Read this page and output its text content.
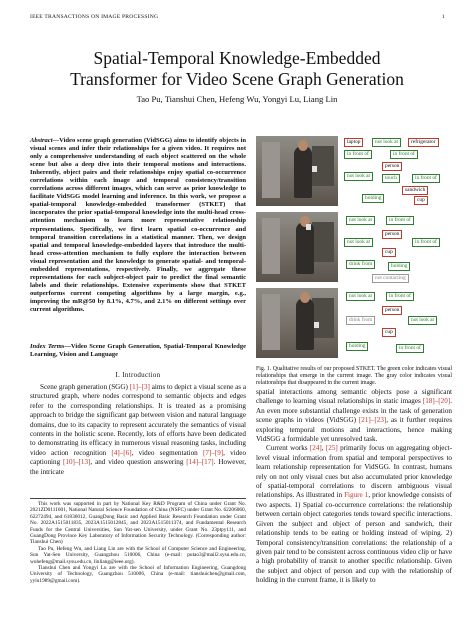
IEEE TRANSACTIONS ON IMAGE PROCESSING	1
Spatial-Temporal Knowledge-Embedded
Transformer for Video Scene Graph Generation
Tao Pu, Tianshui Chen, Hefeng Wu, Yongyi Lu, Liang Lin
Abstract—Video scene graph generation (VidSGG) aims to identify objects in visual scenes and infer their relationships for a given video. It requires not only a comprehensive understanding of each object scattered on the whole scene but also a deep dive into their temporal motions and interactions. Inherently, object pairs and their relationships enjoy spatial co-occurrence correlations within each image and temporal consistency/transition correlations across different images, which can serve as prior knowledge to facilitate VidSGG model learning and inference. In this work, we propose a spatial-temporal knowledge-embedded transformer (STKET) that incorporates the prior spatial-temporal knowledge into the multi-head cross-attention mechanism to learn more representative relationship representations. Specifically, we first learn spatial co-occurrence and temporal transition correlations in a statistical manner. Then, we design spatial and temporal knowledge-embedded layers that introduce the multi-head cross-attention mechanism to fully explore the interaction between visual representation and the knowledge to generate spatial- and temporal-embedded representations, respectively. Finally, we aggregate these representations for each subject-object pair to predict the final semantic labels and their relationships. Extensive experiments show that STKET outperforms current competing algorithms by a large margin, e.g., improving the mR@50 by 8.1%, 4.7%, and 2.1% on different settings over current algorithms.
Index Terms—Video Scene Graph Generation, Spatial-Temporal Knowledge Learning, Vision and Language
I. Introduction

Scene graph generation (SGG) [1]–[3] aims to depict a visual scene as a structured graph, where nodes correspond to semantic objects and edges refer to the corresponding relationships. It is treated as a promising approach to bridge the significant gap between vision and natural language domains, due to its capacity to represent accurately the semantics of visual contents in the holistic scene. Recently, lots of efforts have been dedicated to demonstrating its efficacy in numerous visual reasoning tasks, including video action recognition [4]–[6], video segmentation [7]–[9], video captioning [10]–[13], and video question answering [14]–[17]. However, the intricate

This work was supported in part by National Key R&D Program of China under Grant No. 2021ZD0111601, National Natural Science Foundation of China (NSFC) under Grant No. 62206060, 62272494, and 61836012, GuangDong Basic and Applied Basic Research Foundation under Grant No. 2022A1515011835, 2023A1515012845, and 2023A1515011374, and Fundamental Research Funds for the Central Universities, Sun Yat-sen University, under Grant No. 23ptpy111, and GuangDong Province Key Laboratory of Information Security Technology. (Corresponding author: Tianshui Chen)

Tao Pu, Hefeng Wu, and Liang Lin are with the School of Computer Science and Engineering, Sun Yat-Sen University, Guangzhou 510006, China (e-mail: putao3@mail2.sysu.edu.cn, wuhefeng@mail.sysu.edu.cn, linliang@ieee.org).

Tianshui Chen and Yongyi Lu are with the School of Information Engineering, Guangdong University of Technology, Guangzhou 510006, China (e-mail: tianshuichen@gmail.com, yylu1989@gmail.com).

laptop	not look at	refrigerator
in front of	in front of
person
not look at	touch	in front of
sandwich
holding	cup
not look at	in front of
person
not look at	in front of
cup
drink from	holding
not contacting
not look at	in front of
person
drink from	not look at
cup
holding	in front of
Fig. 1. Qualitative results of our proposed STKET. The green color indicates visual relationships that emerge in the current image. The gray color indicates visual relationships that disappeared in the current image.

spatial interactions among semantic objects pose a significant challenge to learning visual relationships in static images [18]–[20]. An even more substantial challenge exists in the task of generation scene graphs in videos (VidSGG) [21]–[23], as it further requires exploring temporal motions and interactions, hence making VidSGG a formidable yet unresolved task.

Current works [24], [25] primarily focus on aggregating object-level visual information from spatial and temporal perspectives to learn relationship representation for VidSGG. In contrast, humans rely on not only visual cues but also accumulated prior knowledge of spatial-temporal correlations to discern ambiguous visual relationships. As illustrated in Figure 1, prior knowledge consists of two aspects. 1) Spatial co-occurrence correlations: the relationship between certain object categories tends toward specific interactions. Given the subject and object of person and sandwich, their relationship tends to be eating or holding instead of wiping. 2) Temporal consistency/transition correlations: the relationship of a given pair tend to be consistent across continuous video clip or have a high probability of transit to another specific relationship. Given the subject and object of person and cup with the relationship of holding in the current frame, it is likely to
